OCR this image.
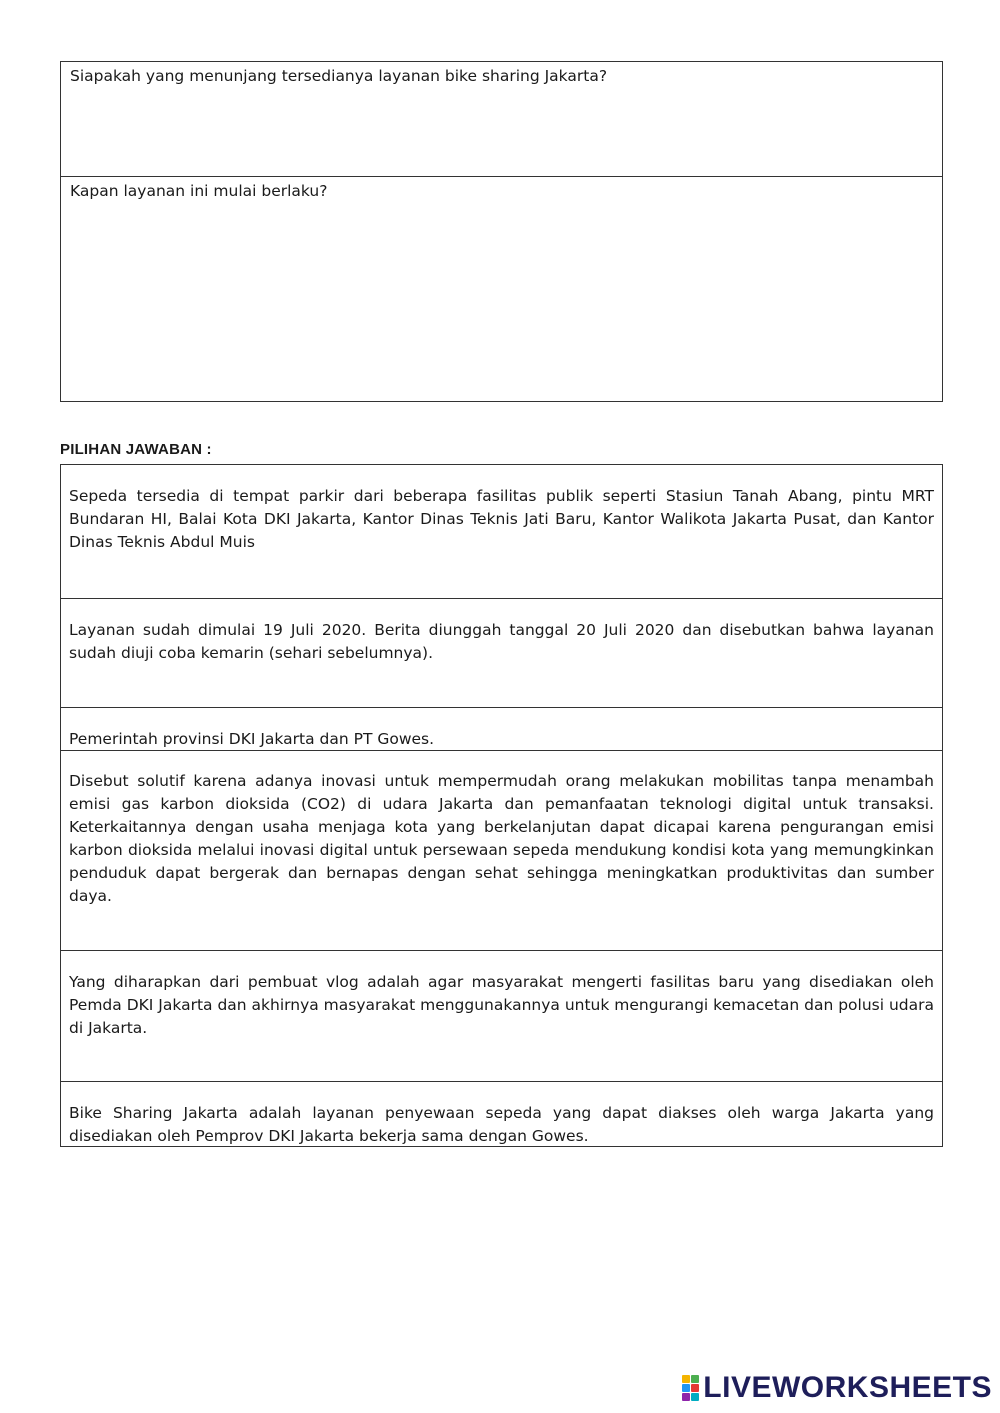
Siapakah yang menunjang tersedianya layanan bike sharing Jakarta?
Kapan layanan ini mulai berlaku?
PILIHAN JAWABAN :
Sepeda tersedia di tempat parkir dari beberapa fasilitas publik seperti Stasiun Tanah Abang, pintu MRT Bundaran HI, Balai Kota DKI Jakarta, Kantor Dinas Teknis Jati Baru, Kantor Walikota Jakarta Pusat, dan Kantor Dinas Teknis Abdul Muis
Layanan sudah dimulai 19 Juli 2020. Berita diunggah tanggal 20 Juli 2020 dan disebutkan bahwa layanan sudah diuji coba kemarin (sehari sebelumnya).
Pemerintah provinsi DKI Jakarta dan PT Gowes.
Disebut solutif karena adanya inovasi untuk mempermudah orang melakukan mobilitas tanpa menambah emisi gas karbon dioksida (CO2) di udara Jakarta dan pemanfaatan teknologi digital untuk transaksi. Keterkaitannya dengan usaha menjaga kota yang berkelanjutan dapat dicapai karena pengurangan emisi karbon dioksida melalui inovasi digital untuk persewaan sepeda mendukung kondisi kota yang memungkinkan penduduk dapat bergerak dan bernapas dengan sehat sehingga meningkatkan produktivitas dan sumber daya.
Yang diharapkan dari pembuat vlog adalah agar masyarakat mengerti fasilitas baru yang disediakan oleh Pemda DKI Jakarta dan akhirnya masyarakat menggunakannya untuk mengurangi kemacetan dan polusi udara di Jakarta.
Bike Sharing Jakarta adalah layanan penyewaan sepeda yang dapat diakses oleh warga Jakarta yang disediakan oleh Pemprov DKI Jakarta bekerja sama dengan Gowes.
LIVEWORKSHEETS
